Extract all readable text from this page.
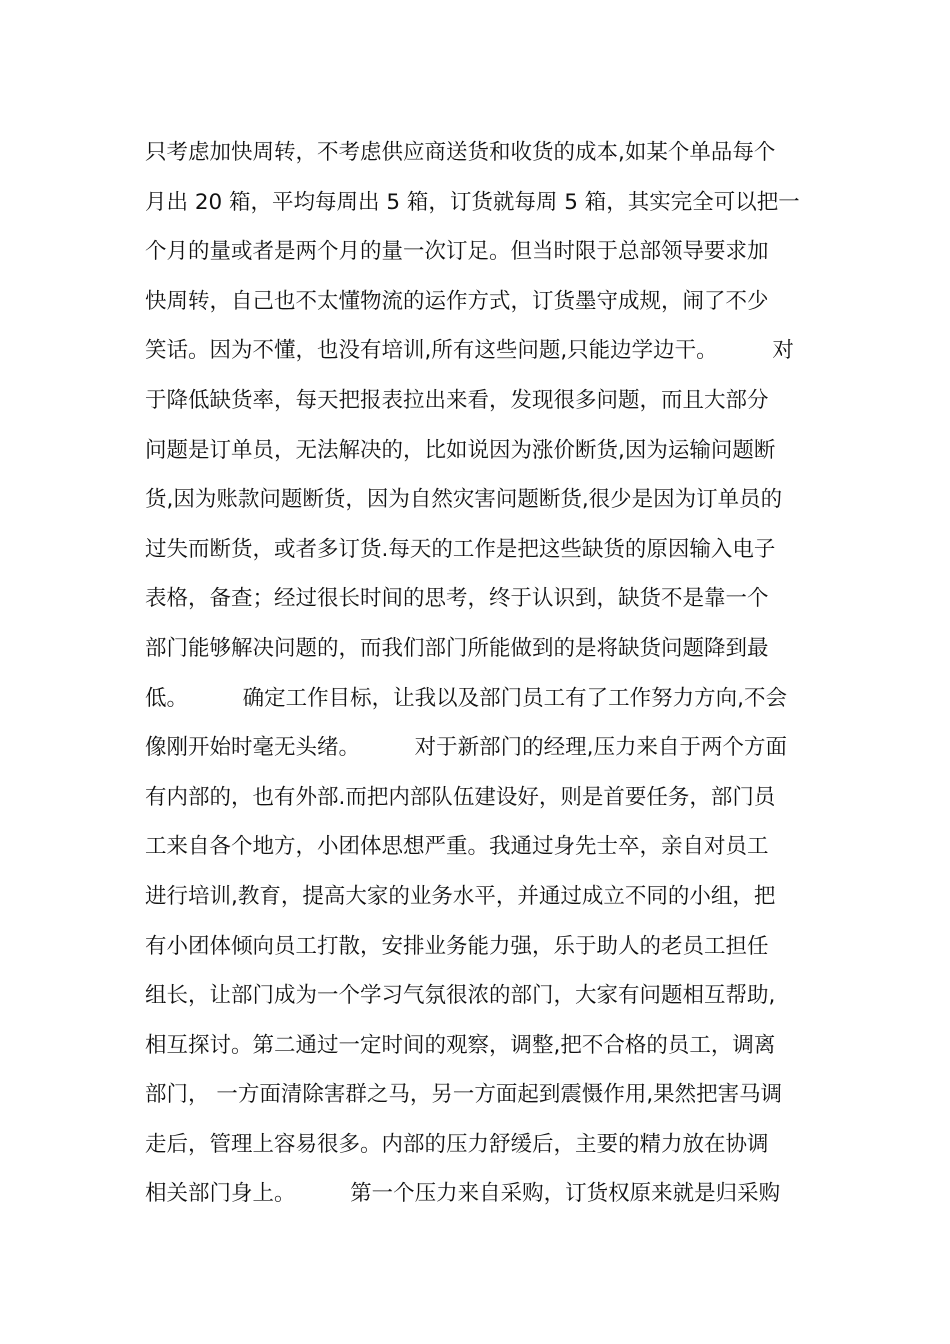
只考虑加快周转，不考虑供应商送货和收货的成本,如某个单品每个
月出 20 箱，平均每周出 5 箱，订货就每周 5 箱，其实完全可以把一
个月的量或者是两个月的量一次订足。但当时限于总部领导要求加
快周转，自己也不太懂物流的运作方式，订货墨守成规，闹了不少
笑话。因为不懂，也没有培训,所有这些问题,只能边学边干。        对
于降低缺货率，每天把报表拉出来看，发现很多问题，而且大部分
问题是订单员，无法解决的，比如说因为涨价断货,因为运输问题断
货,因为账款问题断货，因为自然灾害问题断货,很少是因为订单员的
过失而断货，或者多订货.每天的工作是把这些缺货的原因输入电子
表格，备查；经过很长时间的思考，终于认识到，缺货不是靠一个
部门能够解决问题的，而我们部门所能做到的是将缺货问题降到最
低。        确定工作目标，让我以及部门员工有了工作努力方向,不会
像刚开始时毫无头绪。        对于新部门的经理,压力来自于两个方面
有内部的，也有外部.而把内部队伍建设好，则是首要任务，部门员
工来自各个地方，小团体思想严重。我通过身先士卒，亲自对员工
进行培训,教育，提高大家的业务水平，并通过成立不同的小组，把
有小团体倾向员工打散，安排业务能力强，乐于助人的老员工担任
组长，让部门成为一个学习气氛很浓的部门，大家有问题相互帮助,
相互探讨。第二通过一定时间的观察，调整,把不合格的员工，调离
部门， 一方面清除害群之马，另一方面起到震慑作用,果然把害马调
走后，管理上容易很多。内部的压力舒缓后，主要的精力放在协调
相关部门身上。        第一个压力来自采购，订货权原来就是归采购
